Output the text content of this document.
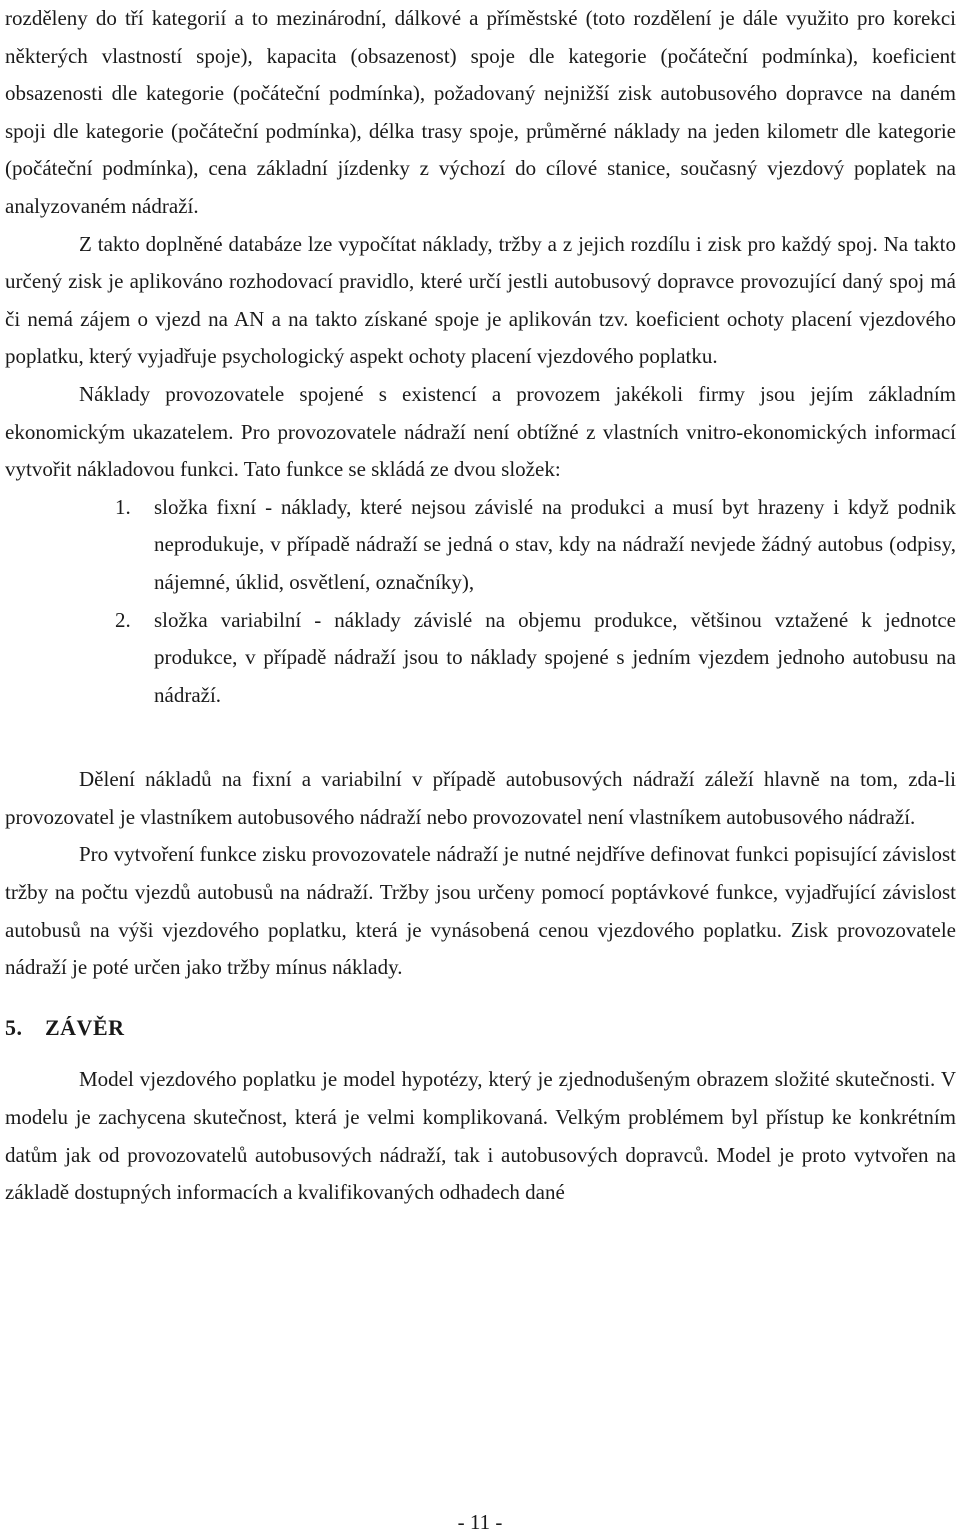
rozděleny do tří kategorií a to mezinárodní, dálkové a příměstské (toto rozdělení je dále využito pro korekci některých vlastností spoje), kapacita (obsazenost) spoje dle kategorie (počáteční podmínka), koeficient obsazenosti dle kategorie (počáteční podmínka), požadovaný nejnižší zisk autobusového dopravce na daném spoji dle kategorie (počáteční podmínka), délka trasy spoje, průměrné náklady na jeden kilometr dle kategorie (počáteční podmínka), cena základní jízdenky z výchozí do cílové stanice, současný vjezdový poplatek na analyzovaném nádraží.

Z takto doplněné databáze lze vypočítat náklady, tržby a z jejich rozdílu i zisk pro každý spoj. Na takto určený zisk je aplikováno rozhodovací pravidlo, které určí jestli autobusový dopravce provozující daný spoj má či nemá zájem o vjezd na AN a na takto získané spoje je aplikován tzv. koeficient ochoty placení vjezdového poplatku, který vyjadřuje psychologický aspekt ochoty placení vjezdového poplatku.

Náklady provozovatele spojené s existencí a provozem jakékoli firmy jsou jejím základním ekonomickým ukazatelem. Pro provozovatele nádraží není obtížné z vlastních vnitro-ekonomických informací vytvořit nákladovou funkci. Tato funkce se skládá ze dvou složek:

1. složka fixní - náklady, které nejsou závislé na produkci a musí byt hrazeny i když podnik neprodukuje, v případě nádraží se jedná o stav, kdy na nádraží nevjede žádný autobus (odpisy, nájemné, úklid, osvětlení, označníky),
2. složka variabilní - náklady závislé na objemu produkce, většinou vztažené k jednotce produkce, v případě nádraží jsou to náklady spojené s jedním vjezdem jednoho autobusu na nádraží.

Dělení nákladů na fixní a variabilní v případě autobusových nádraží záleží hlavně na tom, zda-li provozovatel je vlastníkem autobusového nádraží nebo provozovatel není vlastníkem autobusového nádraží.

Pro vytvoření funkce zisku provozovatele nádraží je nutné nejdříve definovat funkci popisující závislost tržby na počtu vjezdů autobusů na nádraží. Tržby jsou určeny pomocí poptávkové funkce, vyjadřující závislost autobusů na výši vjezdového poplatku, která je vynásobená cenou vjezdového poplatku. Zisk provozovatele nádraží je poté určen jako tržby mínus náklady.

5. ZÁVĚR

Model vjezdového poplatku je model hypotézy, který je zjednodušeným obrazem složité skutečnosti. V modelu je zachycena skutečnost, která je velmi komplikovaná. Velkým problémem byl přístup ke konkrétním datům jak od provozovatelů autobusových nádraží, tak i autobusových dopravců. Model je proto vytvořen na základě dostupných informacích a kvalifikovaných odhadech dané

- 11 -
